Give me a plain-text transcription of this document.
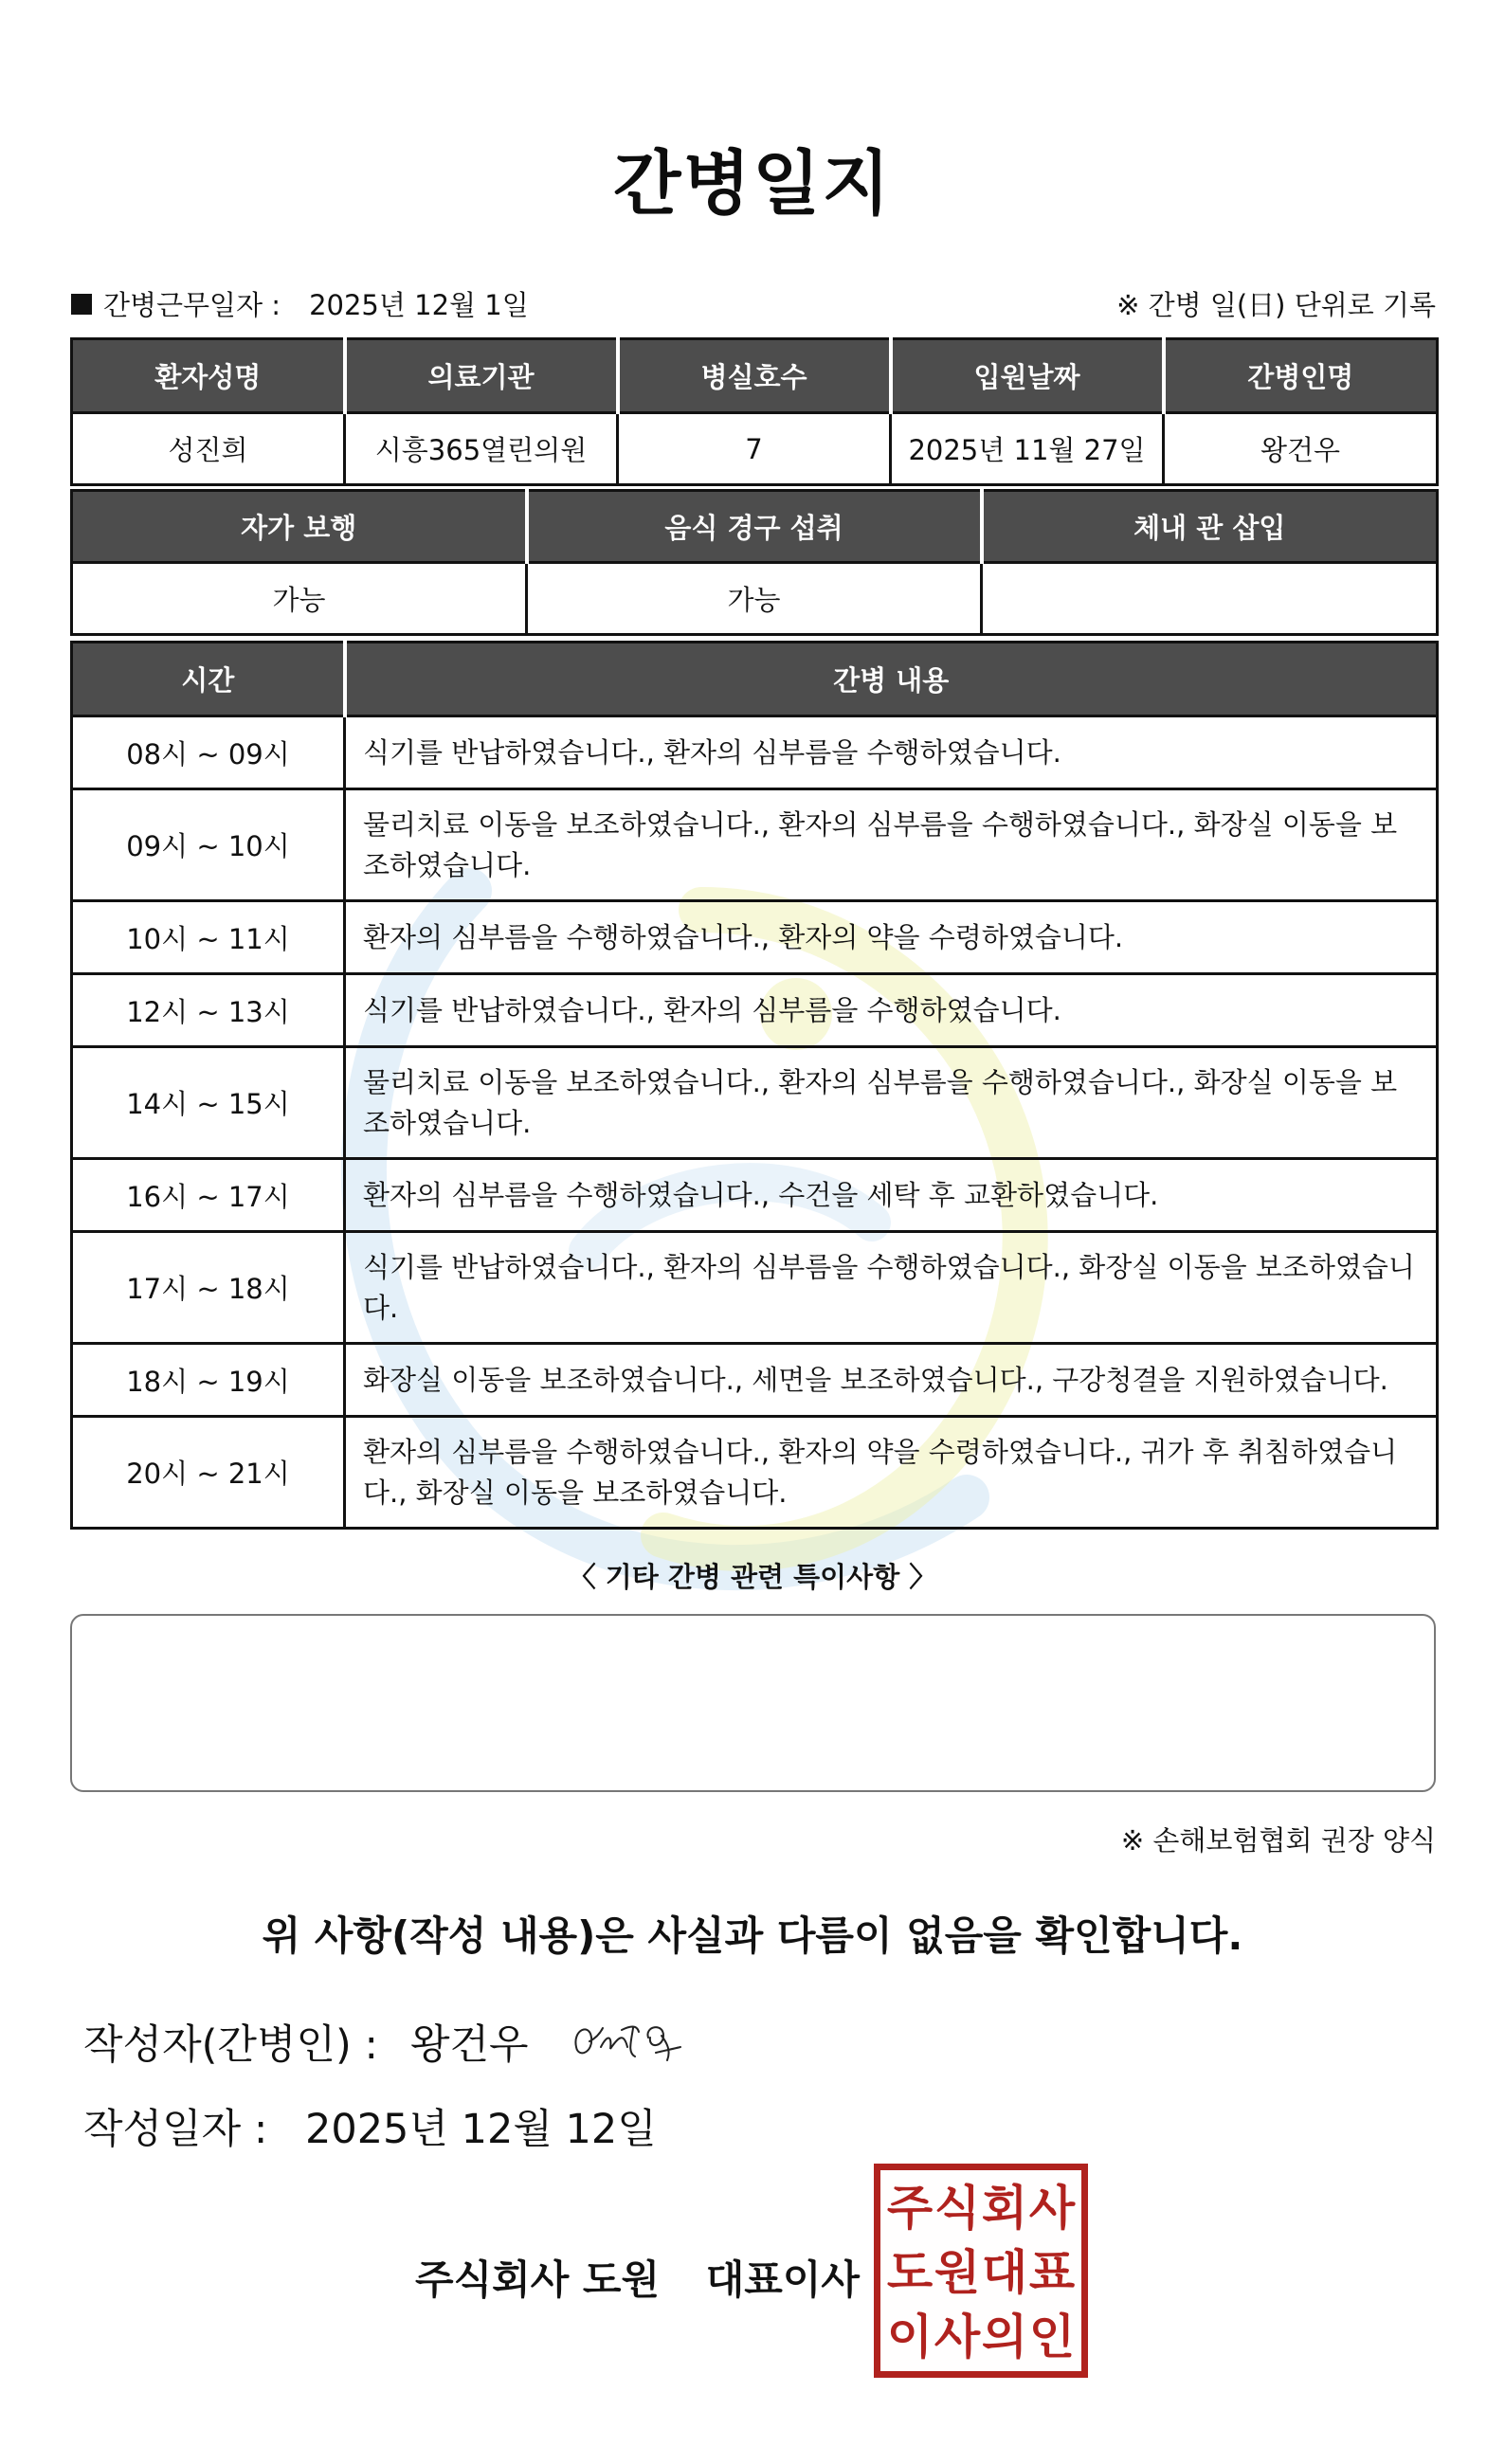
간병일지
간병근무일자 : 2025년 12월 1일	※ 간병 일(日) 단위로 기록
환자성명	의료기관	병실호수	입원날짜	간병인명
성진희	시흥365열린의원	7	2025년 11월 27일	왕건우
자가 보행	음식 경구 섭취	체내 관 삽입
가능	가능	
시간	간병 내용
08시 ~ 09시	식기를 반납하였습니다., 환자의 심부름을 수행하였습니다.
09시 ~ 10시	물리치료 이동을 보조하였습니다., 환자의 심부름을 수행하였습니다., 화장실 이동을 보조하였습니다.
10시 ~ 11시	환자의 심부름을 수행하였습니다., 환자의 약을 수령하였습니다.
12시 ~ 13시	식기를 반납하였습니다., 환자의 심부름을 수행하였습니다.
14시 ~ 15시	물리치료 이동을 보조하였습니다., 환자의 심부름을 수행하였습니다., 화장실 이동을 보조하였습니다.
16시 ~ 17시	환자의 심부름을 수행하였습니다., 수건을 세탁 후 교환하였습니다.
17시 ~ 18시	식기를 반납하였습니다., 환자의 심부름을 수행하였습니다., 화장실 이동을 보조하였습니다.
18시 ~ 19시	화장실 이동을 보조하였습니다., 세면을 보조하였습니다., 구강청결을 지원하였습니다.
20시 ~ 21시	환자의 심부름을 수행하였습니다., 환자의 약을 수령하였습니다., 귀가 후 취침하였습니다., 화장실 이동을 보조하였습니다.
〈 기타 간병 관련 특이사항 〉
※ 손해보험협회 권장 양식
위 사항(작성 내용)은 사실과 다름이 없음을 확인합니다.
작성자(간병인) : 왕건우
작성일자 : 2025년 12월 12일
주식회사 도원 대표이사
주 식 회 사
도 원 대 표
이 사 의 인
